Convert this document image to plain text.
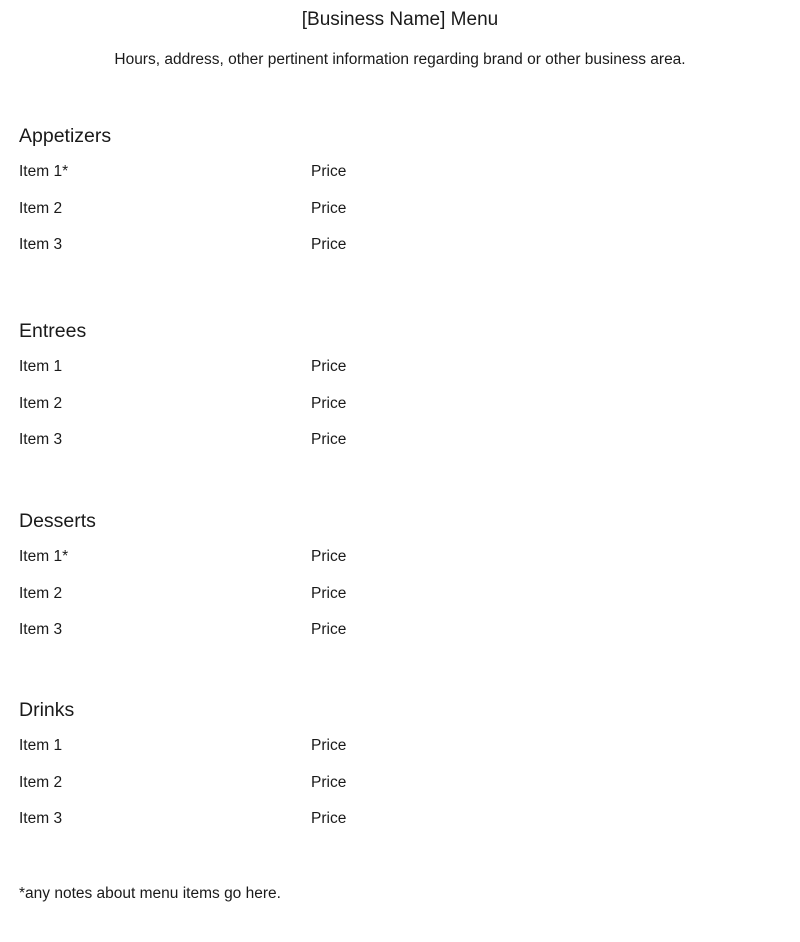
[Business Name] Menu
Hours, address, other pertinent information regarding brand or other business area.
Appetizers
Item 1*	Price
Item 2	Price
Item 3	Price
Entrees
Item 1	Price
Item 2	Price
Item 3	Price
Desserts
Item 1*	Price
Item 2	Price
Item 3	Price
Drinks
Item 1	Price
Item 2	Price
Item 3	Price
*any notes about menu items go here.
